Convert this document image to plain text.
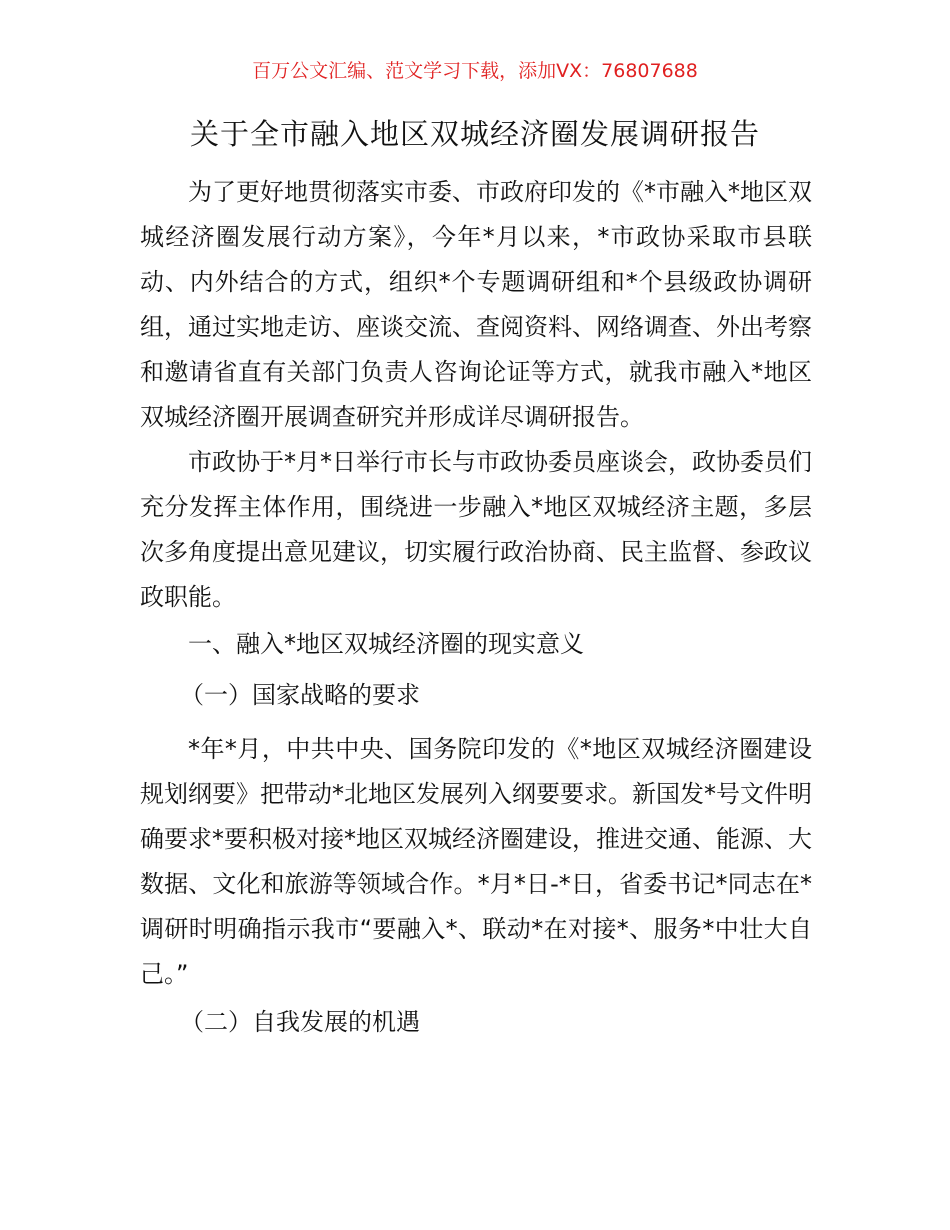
百万公文汇编、范文学习下载，添加VX：76807688
关于全市融入地区双城经济圈发展调研报告

为了更好地贯彻落实市委、市政府印发的《*市融入*地区双城经济圈发展行动方案》，今年*月以来，*市政协采取市县联动、内外结合的方式，组织*个专题调研组和*个县级政协调研组，通过实地走访、座谈交流、查阅资料、网络调查、外出考察和邀请省直有关部门负责人咨询论证等方式，就我市融入*地区双城经济圈开展调查研究并形成详尽调研报告。

市政协于*月*日举行市长与市政协委员座谈会，政协委员们充分发挥主体作用，围绕进一步融入*地区双城经济主题，多层次多角度提出意见建议，切实履行政治协商、民主监督、参政议政职能。

一、融入*地区双城经济圈的现实意义

（一）国家战略的要求

*年*月，中共中央、国务院印发的《*地区双城经济圈建设规划纲要》把带动*北地区发展列入纲要要求。新国发*号文件明确要求*要积极对接*地区双城经济圈建设，推进交通、能源、大数据、文化和旅游等领域合作。*月*日-*日，省委书记*同志在*调研时明确指示我市“要融入*、联动*在对接*、服务*中壮大自己。”

（二）自我发展的机遇
